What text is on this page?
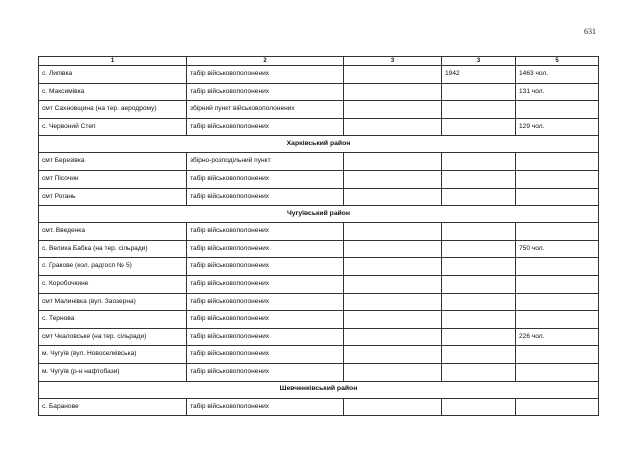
631
1	2	3	3	5
с. Липівка	табір військовополонених		1942	1463 чол.
с. Максимівка	табір військовополонених			131 чол.
смт Сахновщина (на тер. аеродрому)	збірний пункт військовополонених			
с. Червоний Степ	табір військовополонених			129 чол.
Харківський район				
смт Березівка	збірно-розподільний пункт			
смт Пісочин	табір військовополонених			
смт Рогань	табір військовополонених			
Чугуївський район				
смт. Введенка	табір військовополонених			
с. Велика Бабка (на тер. сільради)	табір військовополонених			750 чол.
с. Гракове (кол. радгосп № 5)	табір військовополонених			
с. Коробочкине	табір військовополонених			
смт Малинівка (вул. Заозерна)	табір військовополонених			
с. Тернова	табір військовополонених			
смт Чкаловське (на тер. сільради)	табір військовополонених			226 чол.
м. Чугуїв (вул. Новоселківська)	табір військовополонених			
м. Чугуїв (р-н нафтобази)	табір військовополонених			
Шевченківський район				
с. Баранове	табір військовополонених			
